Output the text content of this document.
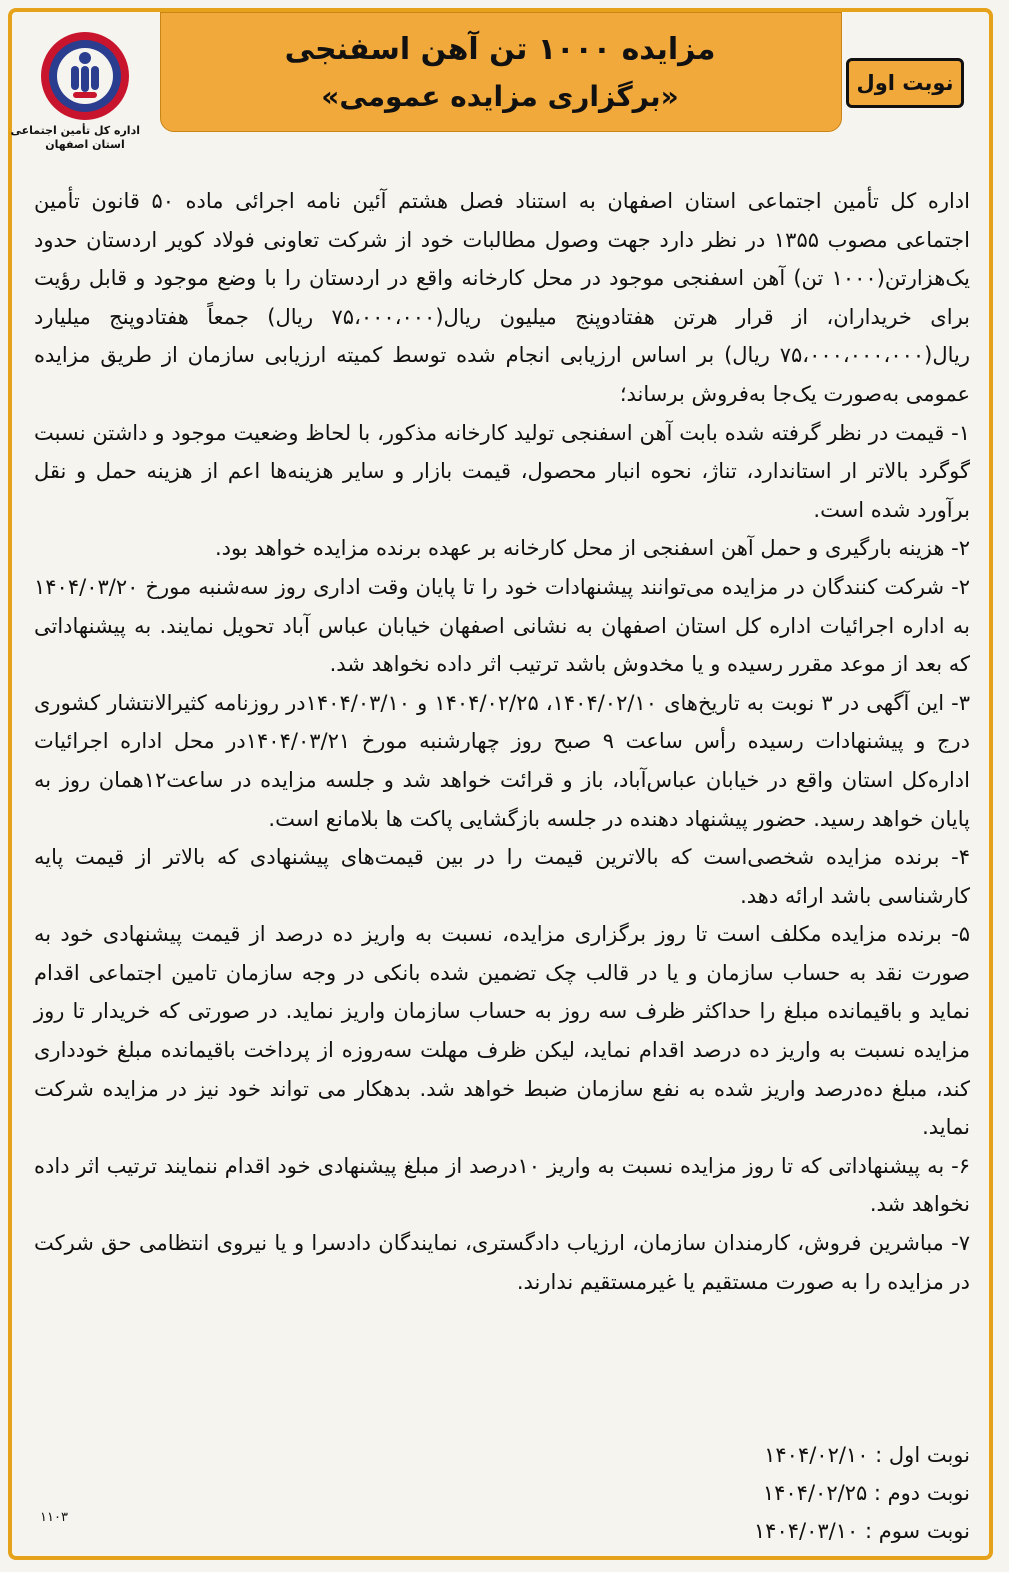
مزایده ۱۰۰۰ تن آهن اسفنجی
«برگزاری مزایده عمومی»
اداره کل تأمین اجتماعی
استان اصفهان
نوبت اول

اداره کل تأمین اجتماعی استان اصفهان به استناد فصل هشتم آئین نامه اجرائی ماده ۵۰ قانون تأمین اجتماعی مصوب ۱۳۵۵ در نظر دارد جهت وصول مطالبات خود از شرکت تعاونی فولاد کویر اردستان حدود یک‌هزارتن(۱۰۰۰ تن) آهن اسفنجی موجود در محل کارخانه واقع در اردستان را با وضع موجود و قابل رؤیت برای خریداران، از قرار هرتن هفتادوپنج میلیون ریال(۷۵،۰۰۰،۰۰۰ ریال) جمعاً هفتادوپنج میلیارد ریال(۷۵،۰۰۰،۰۰۰،۰۰۰ ریال) بر اساس ارزیابی انجام شده توسط کمیته ارزیابی سازمان از طریق مزایده عمومی به‌صورت یک‌جا به‌فروش برساند؛

۱- قیمت در نظر گرفته شده بابت آهن اسفنجی تولید کارخانه مذکور، با لحاظ وضعیت موجود و داشتن نسبت گوگرد بالاتر ار استاندارد، تناژ، نحوه انبار محصول، قیمت بازار و سایر هزینه‌ها اعم از هزینه حمل و نقل برآورد شده است.

۲- هزینه بارگیری و حمل آهن اسفنجی از محل کارخانه بر عهده برنده مزایده خواهد بود.

۲- شرکت کنندگان در مزایده می‌توانند پیشنهادات خود را تا پایان وقت اداری روز سه‌شنبه مورخ ۱۴۰۴/۰۳/۲۰ به اداره اجرائیات اداره کل استان اصفهان به نشانی اصفهان خیابان عباس آباد تحویل نمایند. به پیشنهاداتی که بعد از موعد مقرر رسیده و یا مخدوش باشد ترتیب اثر داده نخواهد شد.

۳- این آگهی در ۳ نوبت به تاریخ‌های ۱۴۰۴/۰۲/۱۰، ۱۴۰۴/۰۲/۲۵ و ۱۴۰۴/۰۳/۱۰در روزنامه کثیرالانتشار کشوری درج و پیشنهادات رسیده رأس ساعت ۹ صبح روز چهارشنبه مورخ ۱۴۰۴/۰۳/۲۱در محل اداره اجرائیات اداره‌کل استان واقع در خیابان عباس‌آباد، باز و قرائت خواهد شد و جلسه مزایده در ساعت۱۲همان روز به پایان خواهد رسید. حضور پیشنهاد دهنده در جلسه بازگشایی پاکت ها بلامانع است.

۴- برنده مزایده شخصی‌است که بالاترین قیمت را در بین قیمت‌های پیشنهادی که بالاتر از قیمت پایه کارشناسی باشد ارائه دهد.

۵- برنده مزایده مکلف است تا روز برگزاری مزایده، نسبت به واریز ده درصد از قیمت پیشنهادی خود به صورت نقد به حساب سازمان و یا در قالب چک تضمین شده بانکی در وجه سازمان تامین اجتماعی اقدام نماید و باقیمانده مبلغ را حداکثر ظرف سه روز به حساب سازمان واریز نماید. در صورتی که خریدار تا روز مزایده نسبت به واریز ده درصد اقدام نماید، لیکن ظرف مهلت سه‌روزه از پرداخت باقیمانده مبلغ خودداری کند، مبلغ ده‌درصد واریز شده به نفع سازمان ضبط خواهد شد. بدهکار می تواند خود نیز در مزایده شرکت نماید.

۶- به پیشنهاداتی که تا روز مزایده نسبت به واریز ۱۰درصد از مبلغ پیشنهادی خود اقدام ننمایند ترتیب اثر داده نخواهد شد.

۷- مباشرین فروش، کارمندان سازمان، ارزیاب دادگستری، نمایندگان دادسرا و یا نیروی انتظامی حق شرکت در مزایده را به صورت مستقیم یا غیرمستقیم ندارند.

نوبت اول : ۱۴۰۴/۰۲/۱۰
نوبت دوم : ۱۴۰۴/۰۲/۲۵
نوبت سوم : ۱۴۰۴/۰۳/۱۰
۱۱۰۳
